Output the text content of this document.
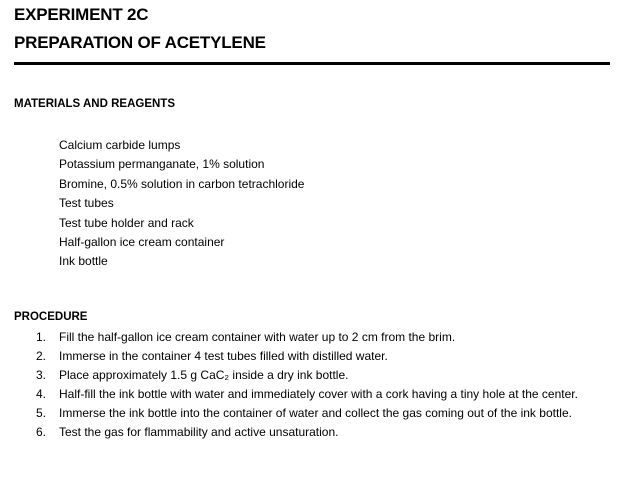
EXPERIMENT 2C
PREPARATION OF ACETYLENE
MATERIALS AND REAGENTS
Calcium carbide lumps
Potassium permanganate, 1% solution
Bromine, 0.5% solution in carbon tetrachloride
Test tubes
Test tube holder and rack
Half-gallon ice cream container
Ink bottle
PROCEDURE
1. Fill the half-gallon ice cream container with water up to 2 cm from the brim.
2. Immerse in the container 4 test tubes filled with distilled water.
3. Place approximately 1.5 g CaC₂ inside a dry ink bottle.
4. Half-fill the ink bottle with water and immediately cover with a cork having a tiny hole at the center.
5. Immerse the ink bottle into the container of water and collect the gas coming out of the ink bottle.
6. Test the gas for flammability and active unsaturation.
